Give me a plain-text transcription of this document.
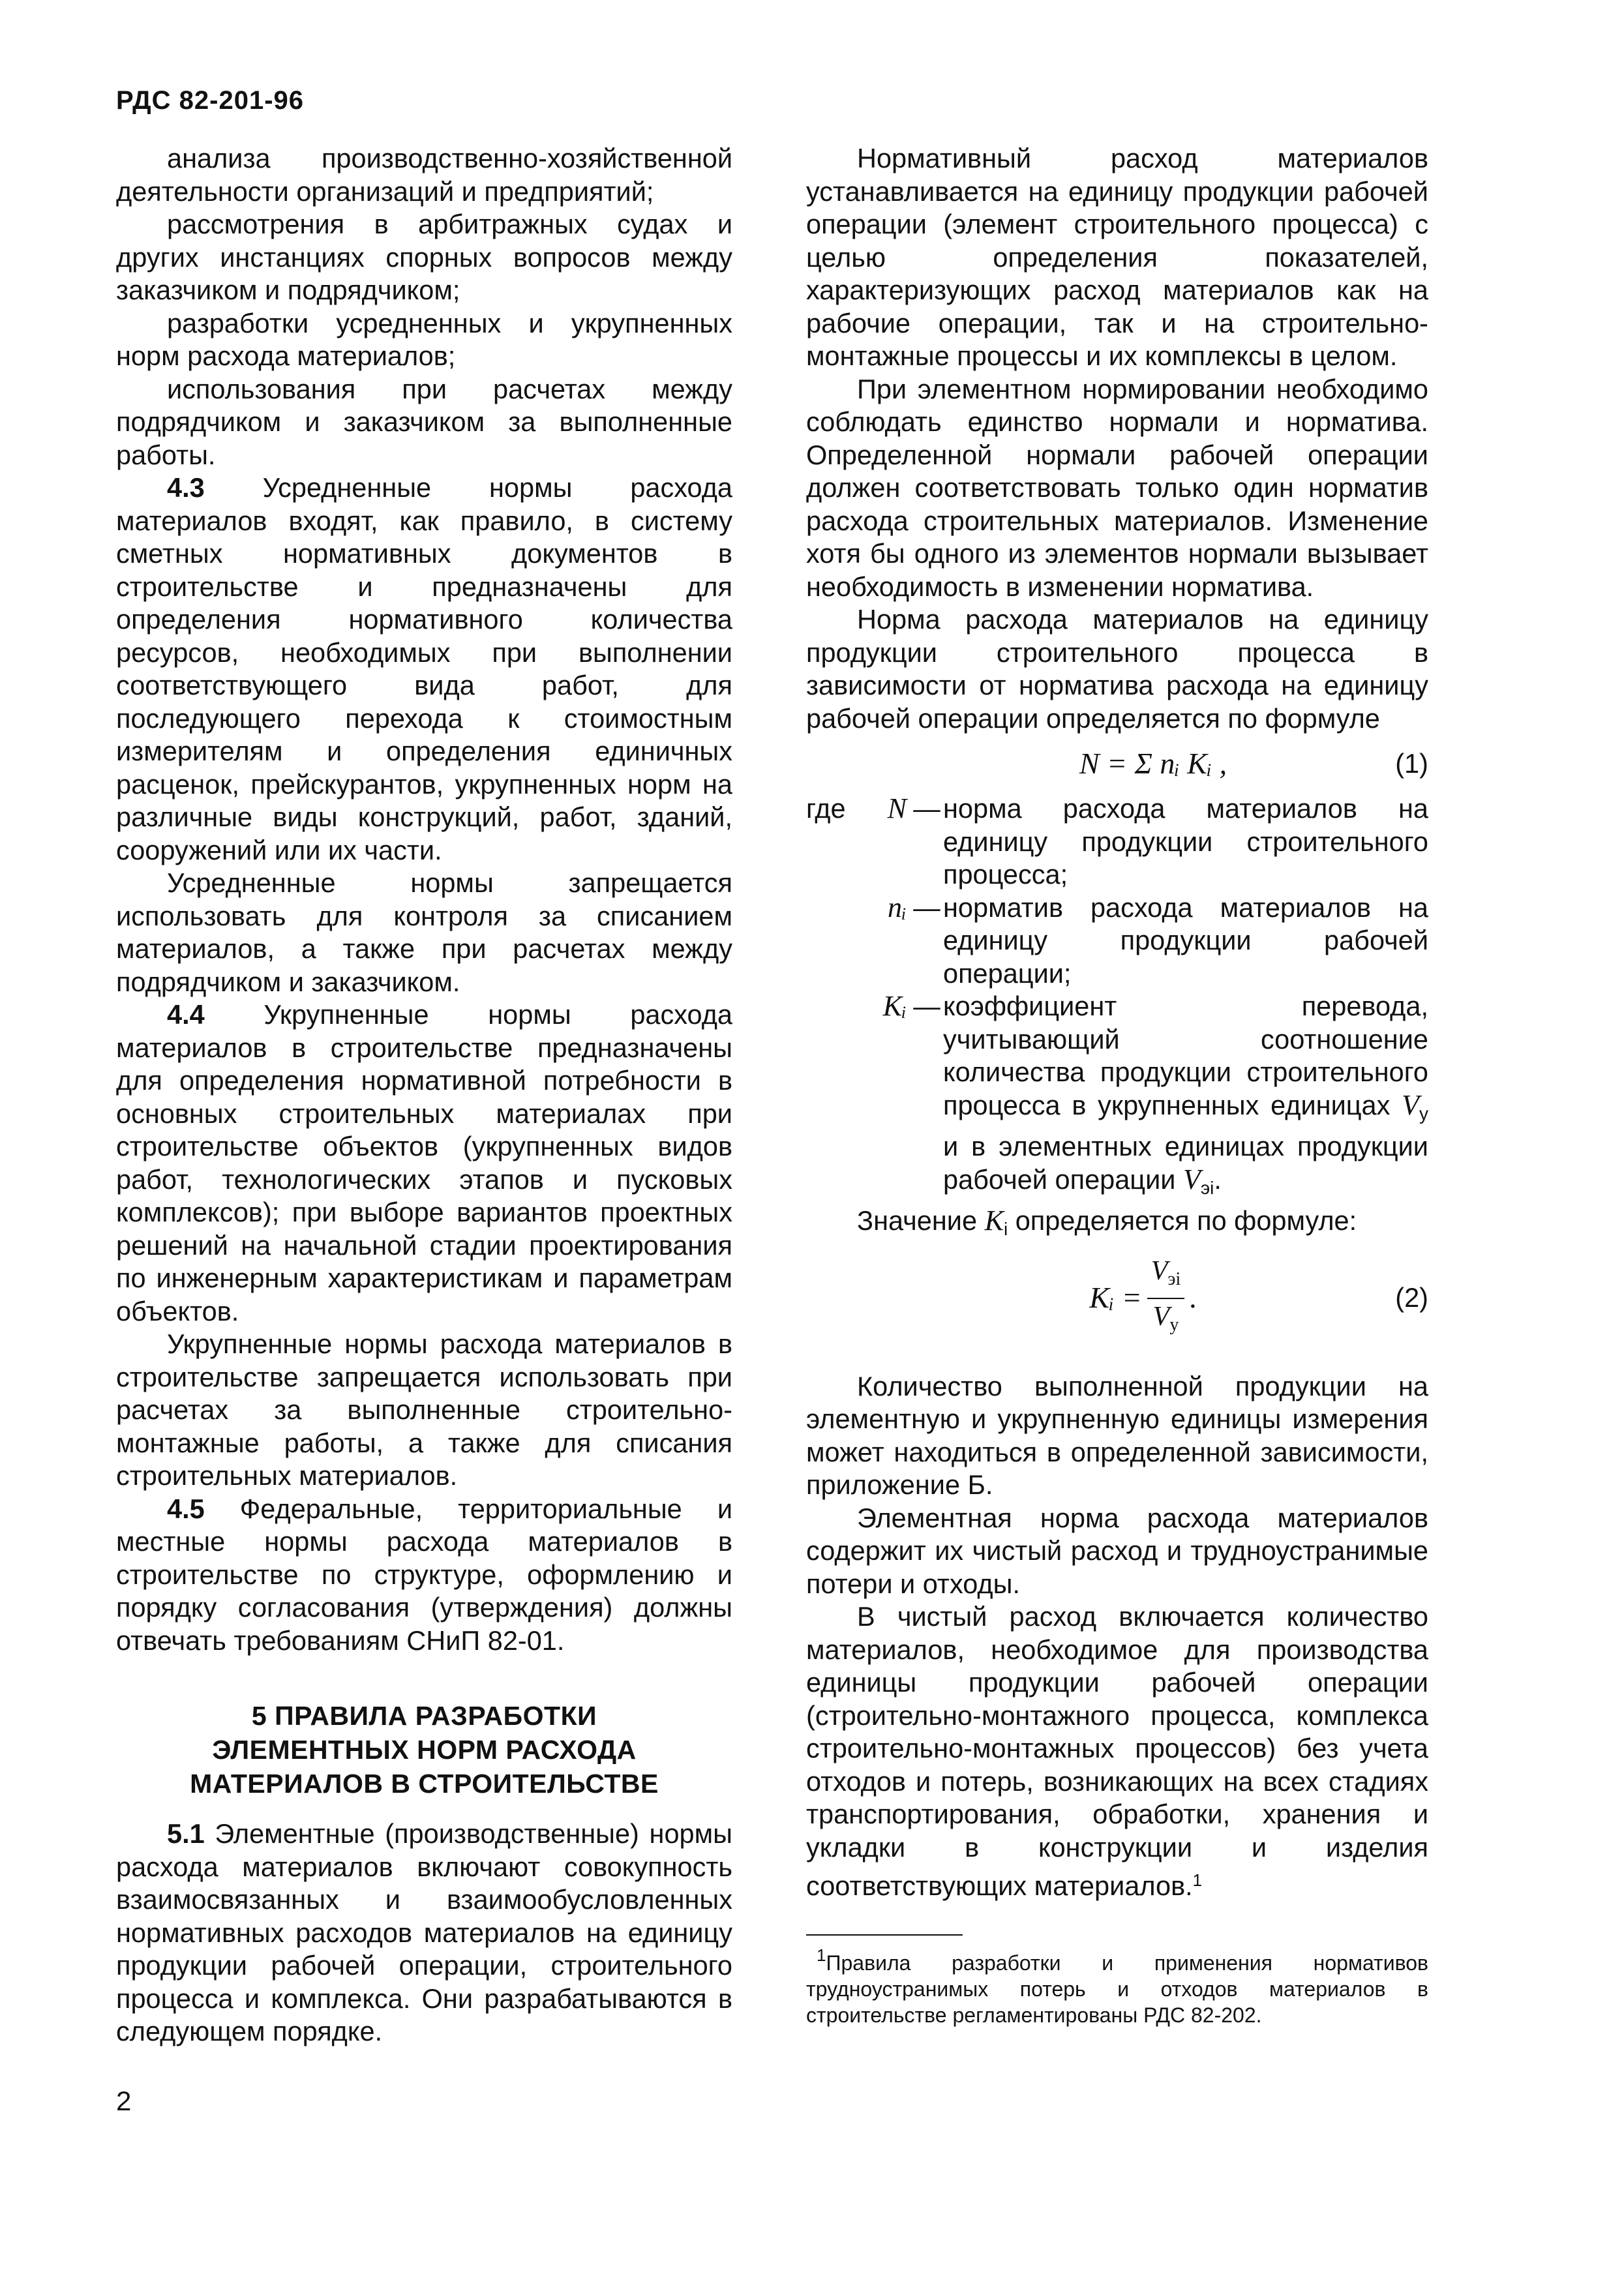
РДС 82-201-96

анализа производственно-хозяйственной деятельности организаций и предприятий;

рассмотрения в арбитражных судах и других инстанциях спорных вопросов между заказчиком и подрядчиком;

разработки усредненных и укрупненных норм расхода материалов;

использования при расчетах между подрядчиком и заказчиком за выполненные работы.

4.3 Усредненные нормы расхода материалов входят, как правило, в систему сметных нормативных документов в строительстве и предназначены для определения нормативного количества ресурсов, необходимых при выполнении соответствующего вида работ, для последующего перехода к стоимостным измерителям и определения единичных расценок, прейскурантов, укрупненных норм на различные виды конструкций, работ, зданий, сооружений или их части.

Усредненные нормы запрещается использовать для контроля за списанием материалов, а также при расчетах между подрядчиком и заказчиком.

4.4 Укрупненные нормы расхода материалов в строительстве предназначены для определения нормативной потребности в основных строительных материалах при строительстве объектов (укрупненных видов работ, технологических этапов и пусковых комплексов); при выборе вариантов проектных решений на начальной стадии проектирования по инженерным характеристикам и параметрам объектов.

Укрупненные нормы расхода материалов в строительстве запрещается использовать при расчетах за выполненные строительно-монтажные работы, а также для списания строительных материалов.

4.5 Федеральные, территориальные и местные нормы расхода материалов в строительстве по структуре, оформлению и порядку согласования (утверждения) должны отвечать требованиям СНиП 82-01.

5 ПРАВИЛА РАЗРАБОТКИ
ЭЛЕМЕНТНЫХ НОРМ РАСХОДА
МАТЕРИАЛОВ В СТРОИТЕЛЬСТВЕ

5.1 Элементные (производственные) нормы расхода материалов включают совокупность взаимосвязанных и взаимообусловленных нормативных расходов материалов на единицу продукции рабочей операции, строительного процесса и комплекса. Они разрабатываются в следующем порядке.

Нормативный расход материалов устанавливается на единицу продукции рабочей операции (элемент строительного процесса) с целью определения показателей, характеризующих расход материалов как на рабочие операции, так и на строительно-монтажные процессы и их комплексы в целом.

При элементном нормировании необходимо соблюдать единство нормали и норматива. Определенной нормали рабочей операции должен соответствовать только один норматив расхода строительных материалов. Изменение хотя бы одного из элементов нормали вызывает необходимость в изменении норматива.

Норма расхода материалов на единицу продукции строительного процесса в зависимости от норматива расхода на единицу рабочей операции определяется по формуле

N = Σ nᵢ Kᵢ ,	(1)
где N — норма расхода материалов на единицу продукции строительного процесса;
nᵢ — норматив расхода материалов на единицу продукции рабочей операции;
Kᵢ — коэффициент перевода, учитывающий соотношение количества продукции строительного процесса в укрупненных единицах $V_у$ и в элементных единицах продукции рабочей операции $V_{эi}$.

Значение $K_i$ определяется по формуле:

Kᵢ = $\frac{V_{эi}}{V_у}$ .	(2)

Количество выполненной продукции на элементную и укрупненную единицы измерения может находиться в определенной зависимости, приложение Б.

Элементная норма расхода материалов содержит их чистый расход и трудноустранимые потери и отходы.

В чистый расход включается количество материалов, необходимое для производства единицы продукции рабочей операции (строительно-монтажного процесса, комплекса строительно-монтажных процессов) без учета отходов и потерь, возникающих на всех стадиях транспортирования, обработки, хранения и укладки в конструкции и изделия соответствующих материалов.$^1$

$^1$Правила разработки и применения нормативов трудноустранимых потерь и отходов материалов в строительстве регламентированы РДС 82-202.

2
